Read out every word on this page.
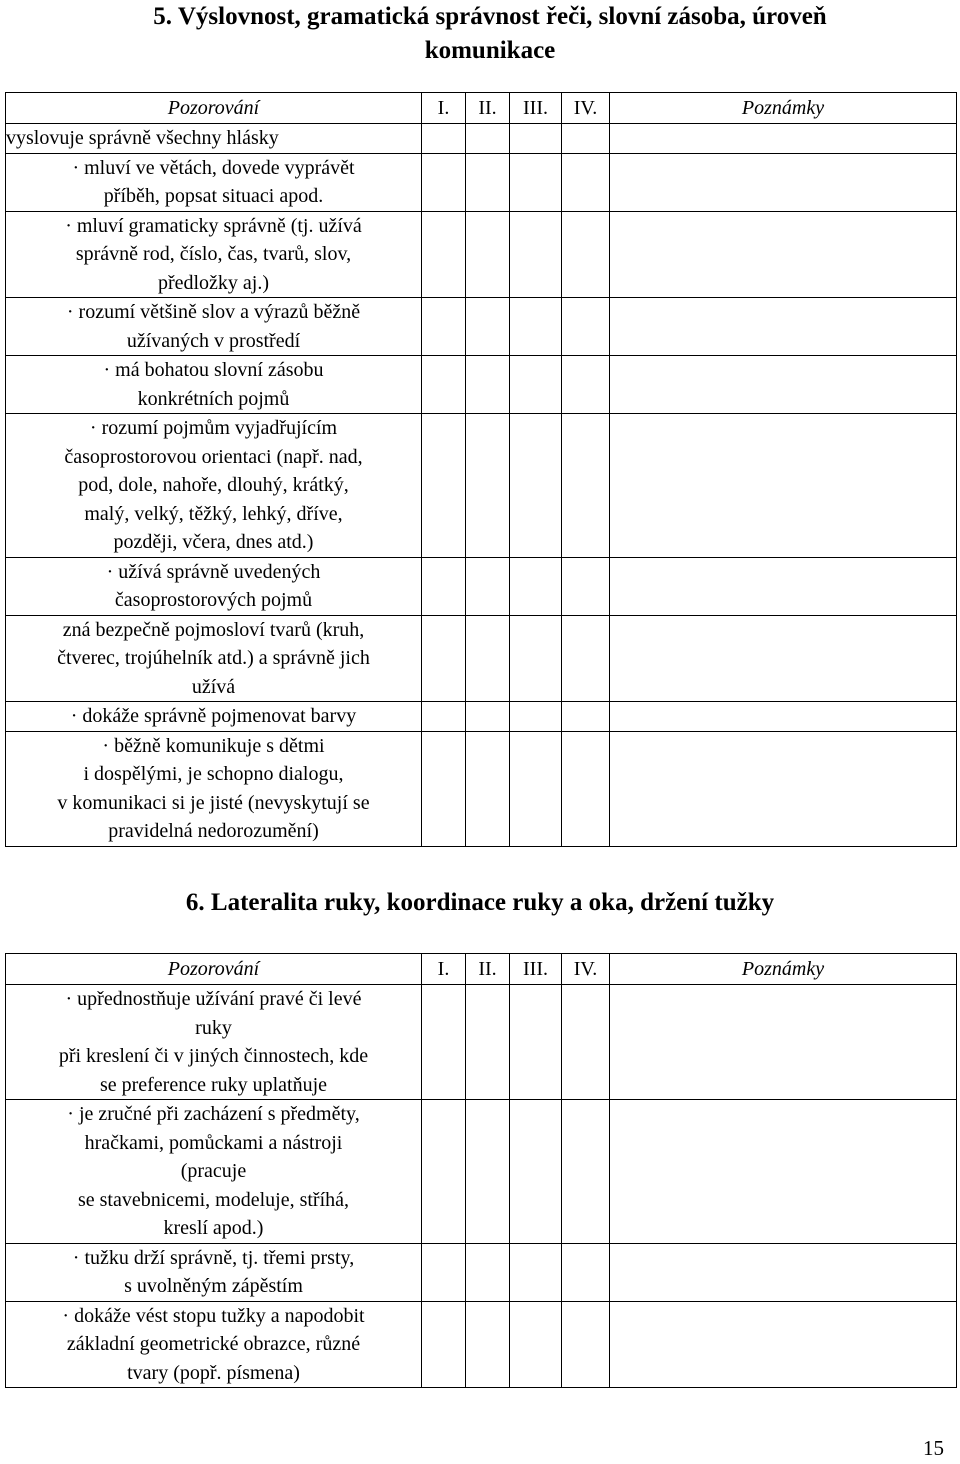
5. Výslovnost, gramatická správnost řeči, slovní zásoba, úroveň
komunikace
Pozorování	I.	II.	III.	IV.	Poznámky

vyslovuje správně všechny hlásky					

· mluví ve větách, dovede vyprávět
příběh, popsat situaci apod.					

· mluví gramaticky správně (tj. užívá
správně rod, číslo, čas, tvarů, slov,
předložky aj.)					

· rozumí většině slov a výrazů běžně
užívaných v prostředí					

· má bohatou slovní zásobu
konkrétních pojmů					

· rozumí pojmům vyjadřujícím
časoprostorovou orientaci (např. nad,
pod, dole, nahoře, dlouhý, krátký,
malý, velký, těžký, lehký, dříve,
později, včera, dnes atd.)					

· užívá správně uvedených
časoprostorových pojmů					

zná bezpečně pojmosloví tvarů (kruh,
čtverec, trojúhelník atd.) a správně jich
užívá					

· dokáže správně pojmenovat barvy					

· běžně komunikuje s dětmi
i dospělými, je schopno dialogu,
v komunikaci si je jisté (nevyskytují se
pravidelná nedorozumění)					

6. Lateralita ruky, koordinace ruky a oka, držení tužky
Pozorování	I.	II.	III.	IV.	Poznámky

· upřednostňuje užívání pravé či levé
ruky
při kreslení či v jiných činnostech, kde
se preference ruky uplatňuje					

· je zručné při zacházení s předměty,
hračkami, pomůckami a nástroji
(pracuje
se stavebnicemi, modeluje, stříhá,
kreslí apod.)					

· tužku drží správně, tj. třemi prsty,
s uvolněným zápěstím					

· dokáže vést stopu tužky a napodobit
základní geometrické obrazce, různé
tvary (popř. písmena)					

15
